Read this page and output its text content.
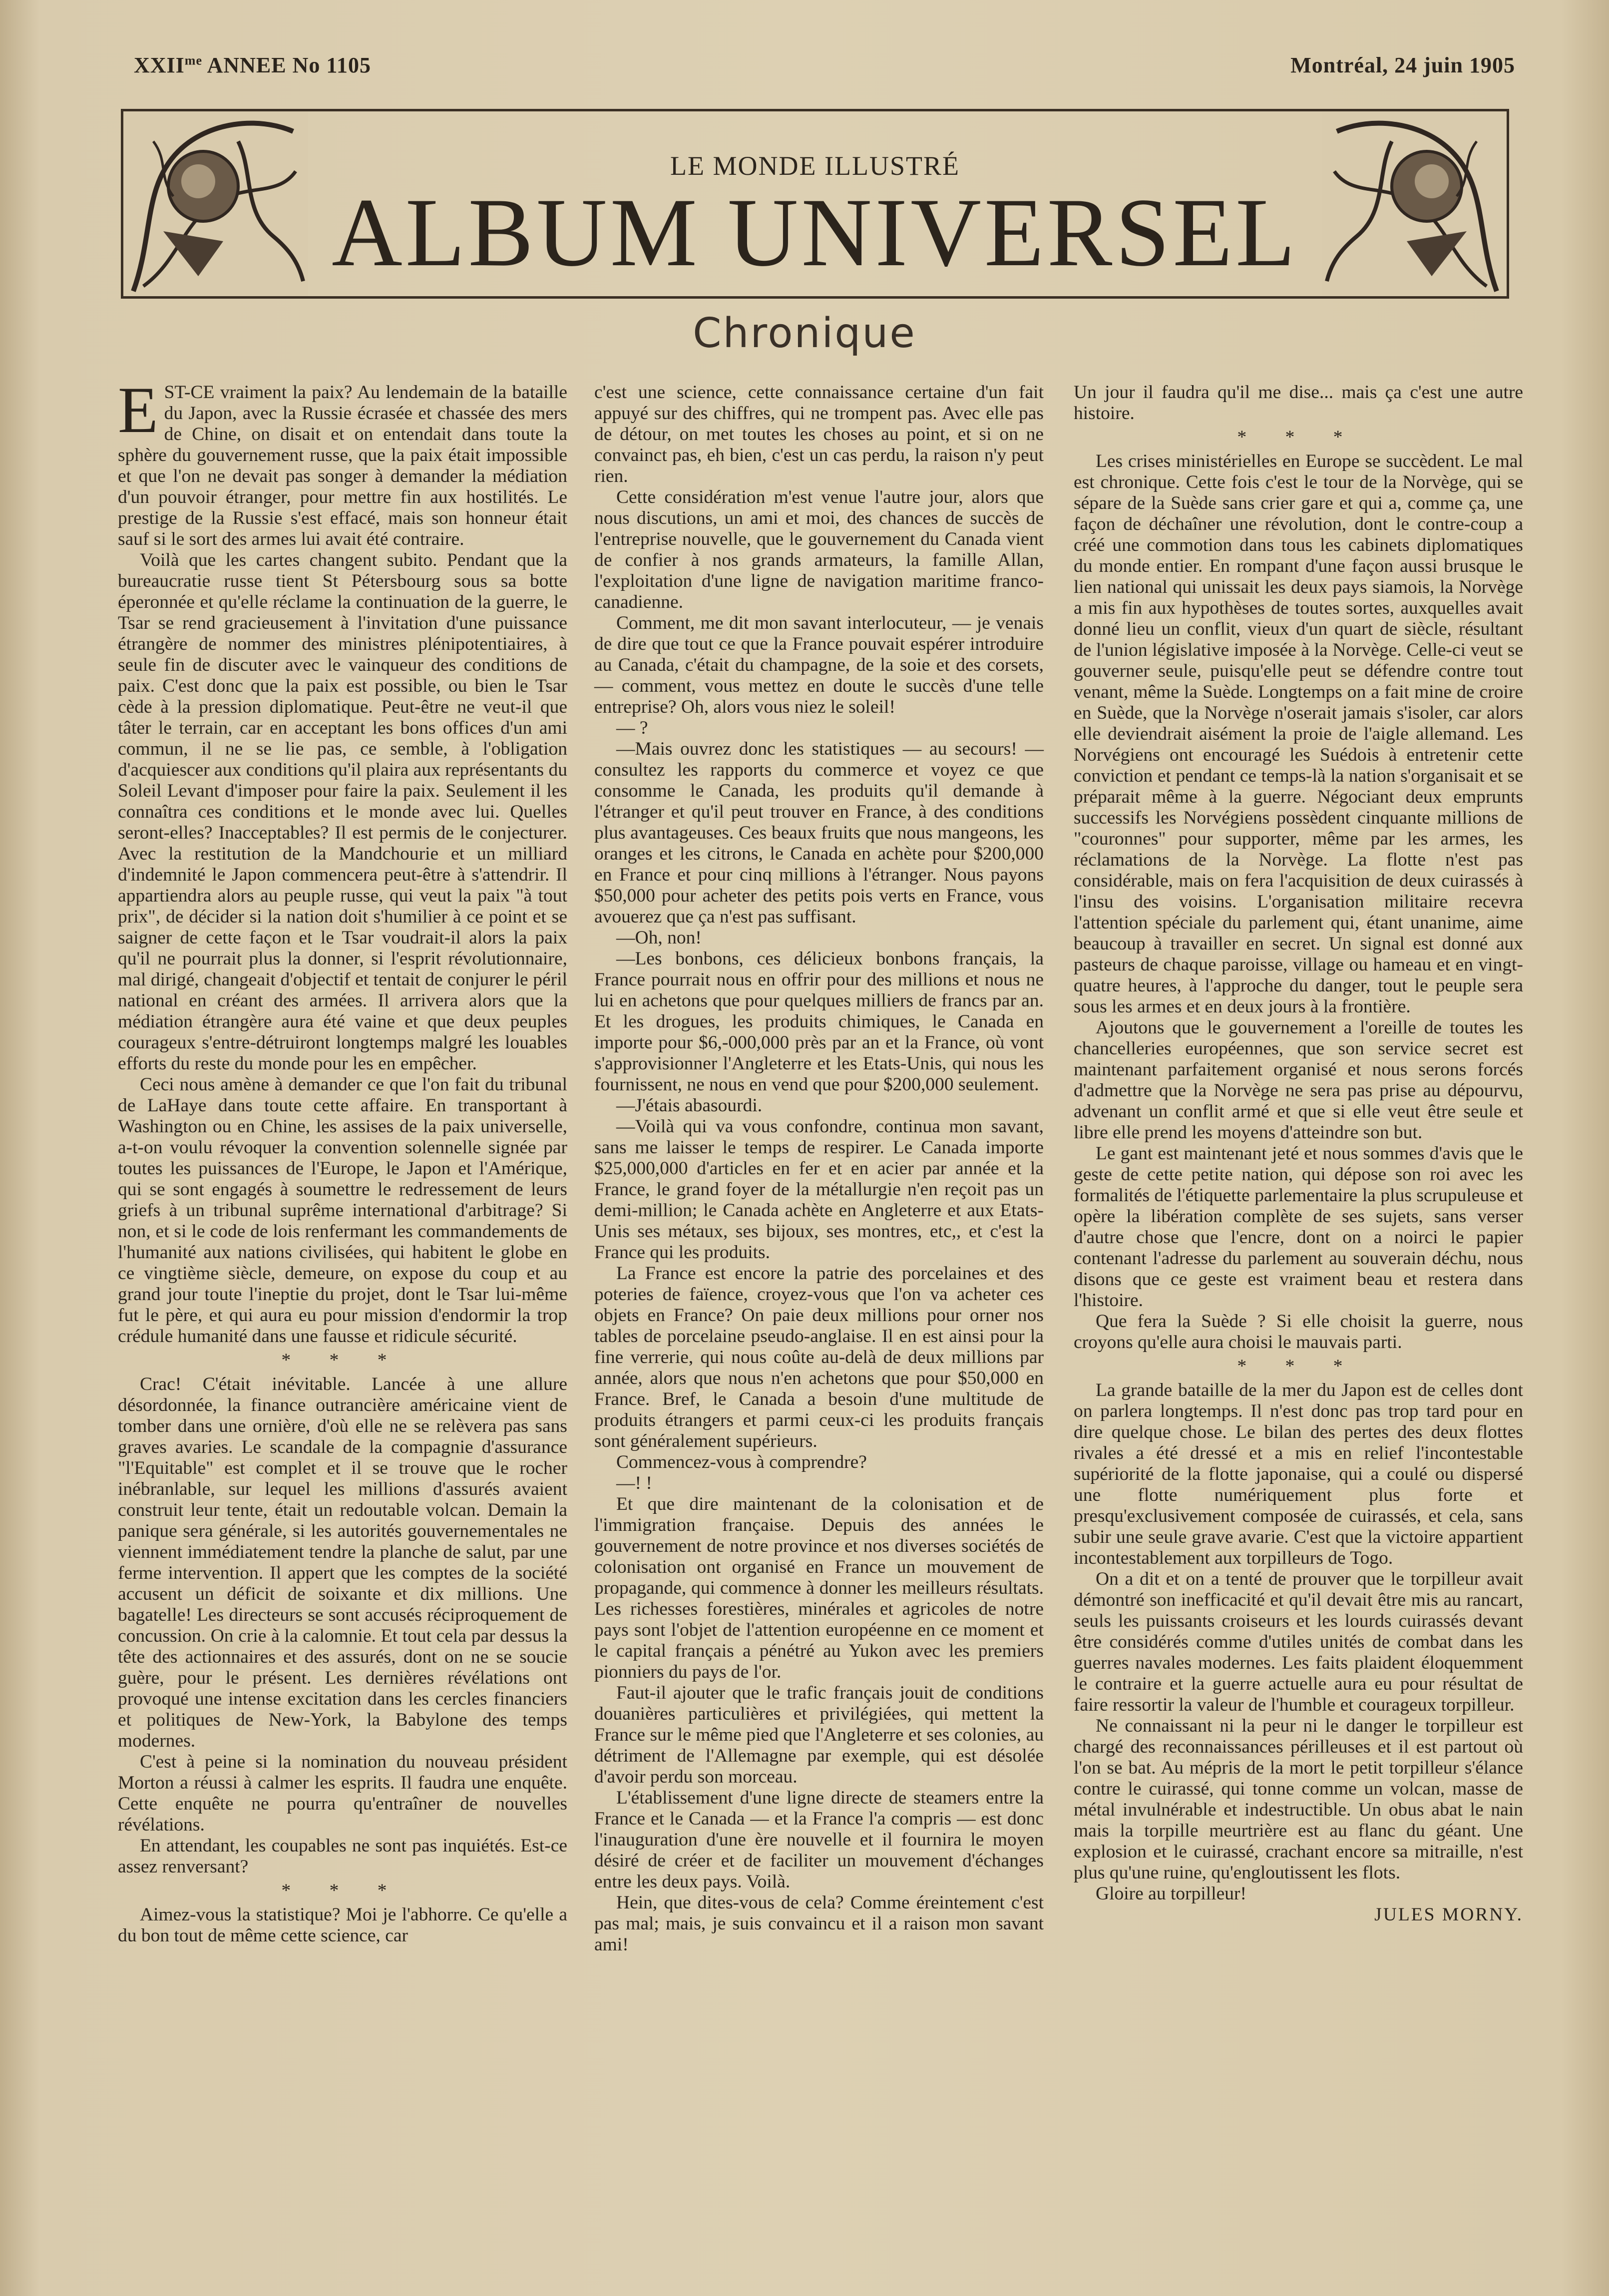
$XXII^{me}$ ANNEE No 1105	Montréal, 24 juin 1905
LE MONDE ILLUSTRÉ
ALBUM UNIVERSEL
Chronique
E ST-CE vraiment la paix? Au lendemain de la bataille du Japon, avec la Russie écrasée et chassée des mers de Chine, on disait et on entendait dans toute la sphère du gouvernement russe, que la paix était impossible et que l'on ne devait pas songer à demander la médiation d'un pouvoir étranger, pour mettre fin aux hostilités. Le prestige de la Russie s'est effacé, mais son honneur était sauf si le sort des armes lui avait été contraire.

Voilà que les cartes changent subito. Pendant que la bureaucratie russe tient St Pétersbourg sous sa botte éperonnée et qu'elle réclame la continuation de la guerre, le Tsar se rend gracieusement à l'invitation d'une puissance étrangère de nommer des ministres plénipotentiaires, à seule fin de discuter avec le vainqueur des conditions de paix. C'est donc que la paix est possible, ou bien le Tsar cède à la pression diplomatique. Peut-être ne veut-il que tâter le terrain, car en acceptant les bons offices d'un ami commun, il ne se lie pas, ce semble, à l'obligation d'acquiescer aux conditions qu'il plaira aux représentants du Soleil Levant d'imposer pour faire la paix. Seulement il les connaîtra ces conditions et le monde avec lui. Quelles seront-elles? Inacceptables? Il est permis de le conjecturer. Avec la restitution de la Mandchourie et un milliard d'indemnité le Japon commencera peut-être à s'attendrir. Il appartiendra alors au peuple russe, qui veut la paix "à tout prix", de décider si la nation doit s'humilier à ce point et se saigner de cette façon et le Tsar voudrait-il alors la paix qu'il ne pourrait plus la donner, si l'esprit révolutionnaire, mal dirigé, changeait d'objectif et tentait de conjurer le péril national en créant des armées. Il arrivera alors que la médiation étrangère aura été vaine et que deux peuples courageux s'entre-détruiront longtemps malgré les louables efforts du reste du monde pour les en empêcher.

Ceci nous amène à demander ce que l'on fait du tribunal de LaHaye dans toute cette affaire. En transportant à Washington ou en Chine, les assises de la paix universelle, a-t-on voulu révoquer la convention solennelle signée par toutes les puissances de l'Europe, le Japon et l'Amérique, qui se sont engagés à soumettre le redressement de leurs griefs à un tribunal suprême international d'arbitrage? Si non, et si le code de lois renfermant les commandements de l'humanité aux nations civilisées, qui habitent le globe en ce vingtième siècle, demeure, on expose du coup et au grand jour toute l'ineptie du projet, dont le Tsar lui-même fut le père, et qui aura eu pour mission d'endormir la trop crédule humanité dans une fausse et ridicule sécurité.

* * *

Crac! C'était inévitable. Lancée à une allure désordonnée, la finance outrancière américaine vient de tomber dans une ornière, d'où elle ne se relèvera pas sans graves avaries. Le scandale de la compagnie d'assurance "l'Equitable" est complet et il se trouve que le rocher inébranlable, sur lequel les millions d'assurés avaient construit leur tente, était un redoutable volcan. Demain la panique sera générale, si les autorités gouvernementales ne viennent immédiatement tendre la planche de salut, par une ferme intervention. Il appert que les comptes de la société accusent un déficit de soixante et dix millions. Une bagatelle! Les directeurs se sont accusés réciproquement de concussion. On crie à la calomnie. Et tout cela par dessus la tête des actionnaires et des assurés, dont on ne se soucie guère, pour le présent. Les dernières révélations ont provoqué une intense excitation dans les cercles financiers et politiques de New-York, la Babylone des temps modernes.

C'est à peine si la nomination du nouveau président Morton a réussi à calmer les esprits. Il faudra une enquête. Cette enquête ne pourra qu'entraîner de nouvelles révélations.

En attendant, les coupables ne sont pas inquiétés. Est-ce assez renversant?

* * *

Aimez-vous la statistique? Moi je l'abhorre. Ce qu'elle a du bon tout de même cette science, car

c'est une science, cette connaissance certaine d'un fait appuyé sur des chiffres, qui ne trompent pas. Avec elle pas de détour, on met toutes les choses au point, et si on ne convainct pas, eh bien, c'est un cas perdu, la raison n'y peut rien.

Cette considération m'est venue l'autre jour, alors que nous discutions, un ami et moi, des chances de succès de l'entreprise nouvelle, que le gouvernement du Canada vient de confier à nos grands armateurs, la famille Allan, l'exploitation d'une ligne de navigation maritime franco-canadienne.

Comment, me dit mon savant interlocuteur, — je venais de dire que tout ce que la France pouvait espérer introduire au Canada, c'était du champagne, de la soie et des corsets, — comment, vous mettez en doute le succès d'une telle entreprise? Oh, alors vous niez le soleil!

— ?

—Mais ouvrez donc les statistiques — au secours! — consultez les rapports du commerce et voyez ce que consomme le Canada, les produits qu'il demande à l'étranger et qu'il peut trouver en France, à des conditions plus avantageuses. Ces beaux fruits que nous mangeons, les oranges et les citrons, le Canada en achète pour $200,000 en France et pour cinq millions à l'étranger. Nous payons $50,000 pour acheter des petits pois verts en France, vous avouerez que ça n'est pas suffisant.

—Oh, non!

—Les bonbons, ces délicieux bonbons français, la France pourrait nous en offrir pour des millions et nous ne lui en achetons que pour quelques milliers de francs par an. Et les drogues, les produits chimiques, le Canada en importe pour $6,-000,000 près par an et la France, où vont s'approvisionner l'Angleterre et les Etats-Unis, qui nous les fournissent, ne nous en vend que pour $200,000 seulement.

—J'étais abasourdi.

—Voilà qui va vous confondre, continua mon savant, sans me laisser le temps de respirer. Le Canada importe $25,000,000 d'articles en fer et en acier par année et la France, le grand foyer de la métallurgie n'en reçoit pas un demi-million; le Canada achète en Angleterre et aux Etats-Unis ses métaux, ses bijoux, ses montres, etc,, et c'est la France qui les produits.

La France est encore la patrie des porcelaines et des poteries de faïence, croyez-vous que l'on va acheter ces objets en France? On paie deux millions pour orner nos tables de porcelaine pseudo-anglaise. Il en est ainsi pour la fine verrerie, qui nous coûte au-delà de deux millions par année, alors que nous n'en achetons que pour $50,000 en France. Bref, le Canada a besoin d'une multitude de produits étrangers et parmi ceux-ci les produits français sont généralement supérieurs.

Commencez-vous à comprendre?

—! !

Et que dire maintenant de la colonisation et de l'immigration française. Depuis des années le gouvernement de notre province et nos diverses sociétés de colonisation ont organisé en France un mouvement de propagande, qui commence à donner les meilleurs résultats. Les richesses forestières, minérales et agricoles de notre pays sont l'objet de l'attention européenne en ce moment et le capital français a pénétré au Yukon avec les premiers pionniers du pays de l'or.

Faut-il ajouter que le trafic français jouit de conditions douanières particulières et privilégiées, qui mettent la France sur le même pied que l'Angleterre et ses colonies, au détriment de l'Allemagne par exemple, qui est désolée d'avoir perdu son morceau.

L'établissement d'une ligne directe de steamers entre la France et le Canada — et la France l'a compris — est donc l'inauguration d'une ère nouvelle et il fournira le moyen désiré de créer et de faciliter un mouvement d'échanges entre les deux pays. Voilà.

Hein, que dites-vous de cela? Comme éreintement c'est pas mal; mais, je suis convaincu et il a raison mon savant ami!

Un jour il faudra qu'il me dise... mais ça c'est une autre histoire.

* * *

Les crises ministérielles en Europe se succèdent. Le mal est chronique. Cette fois c'est le tour de la Norvège, qui se sépare de la Suède sans crier gare et qui a, comme ça, une façon de déchaîner une révolution, dont le contre-coup a créé une commotion dans tous les cabinets diplomatiques du monde entier. En rompant d'une façon aussi brusque le lien national qui unissait les deux pays siamois, la Norvège a mis fin aux hypothèses de toutes sortes, auxquelles avait donné lieu un conflit, vieux d'un quart de siècle, résultant de l'union législative imposée à la Norvège. Celle-ci veut se gouverner seule, puisqu'elle peut se défendre contre tout venant, même la Suède. Longtemps on a fait mine de croire en Suède, que la Norvège n'oserait jamais s'isoler, car alors elle deviendrait aisément la proie de l'aigle allemand. Les Norvégiens ont encouragé les Suédois à entretenir cette conviction et pendant ce temps-là la nation s'organisait et se préparait même à la guerre. Négociant deux emprunts successifs les Norvégiens possèdent cinquante millions de "couronnes" pour supporter, même par les armes, les réclamations de la Norvège. La flotte n'est pas considérable, mais on fera l'acquisition de deux cuirassés à l'insu des voisins. L'organisation militaire recevra l'attention spéciale du parlement qui, étant unanime, aime beaucoup à travailler en secret. Un signal est donné aux pasteurs de chaque paroisse, village ou hameau et en vingt-quatre heures, à l'approche du danger, tout le peuple sera sous les armes et en deux jours à la frontière.

Ajoutons que le gouvernement a l'oreille de toutes les chancelleries européennes, que son service secret est maintenant parfaitement organisé et nous serons forcés d'admettre que la Norvège ne sera pas prise au dépourvu, advenant un conflit armé et que si elle veut être seule et libre elle prend les moyens d'atteindre son but.

Le gant est maintenant jeté et nous sommes d'avis que le geste de cette petite nation, qui dépose son roi avec les formalités de l'étiquette parlementaire la plus scrupuleuse et opère la libération complète de ses sujets, sans verser d'autre chose que l'encre, dont on a noirci le papier contenant l'adresse du parlement au souverain déchu, nous disons que ce geste est vraiment beau et restera dans l'histoire.

Que fera la Suède ? Si elle choisit la guerre, nous croyons qu'elle aura choisi le mauvais parti.

* * *

La grande bataille de la mer du Japon est de celles dont on parlera longtemps. Il n'est donc pas trop tard pour en dire quelque chose. Le bilan des pertes des deux flottes rivales a été dressé et a mis en relief l'incontestable supériorité de la flotte japonaise, qui a coulé ou dispersé une flotte numériquement plus forte et presqu'exclusivement composée de cuirassés, et cela, sans subir une seule grave avarie. C'est que la victoire appartient incontestablement aux torpilleurs de Togo.

On a dit et on a tenté de prouver que le torpilleur avait démontré son inefficacité et qu'il devait être mis au rancart, seuls les puissants croiseurs et les lourds cuirassés devant être considérés comme d'utiles unités de combat dans les guerres navales modernes. Les faits plaident éloquemment le contraire et la guerre actuelle aura eu pour résultat de faire ressortir la valeur de l'humble et courageux torpilleur.

Ne connaissant ni la peur ni le danger le torpilleur est chargé des reconnaissances périlleuses et il est partout où l'on se bat. Au mépris de la mort le petit torpilleur s'élance contre le cuirassé, qui tonne comme un volcan, masse de métal invulnérable et indestructible. Un obus abat le nain mais la torpille meurtrière est au flanc du géant. Une explosion et le cuirassé, crachant encore sa mitraille, n'est plus qu'une ruine, qu'engloutissent les flots.

Gloire au torpilleur!

JULES MORNY.
